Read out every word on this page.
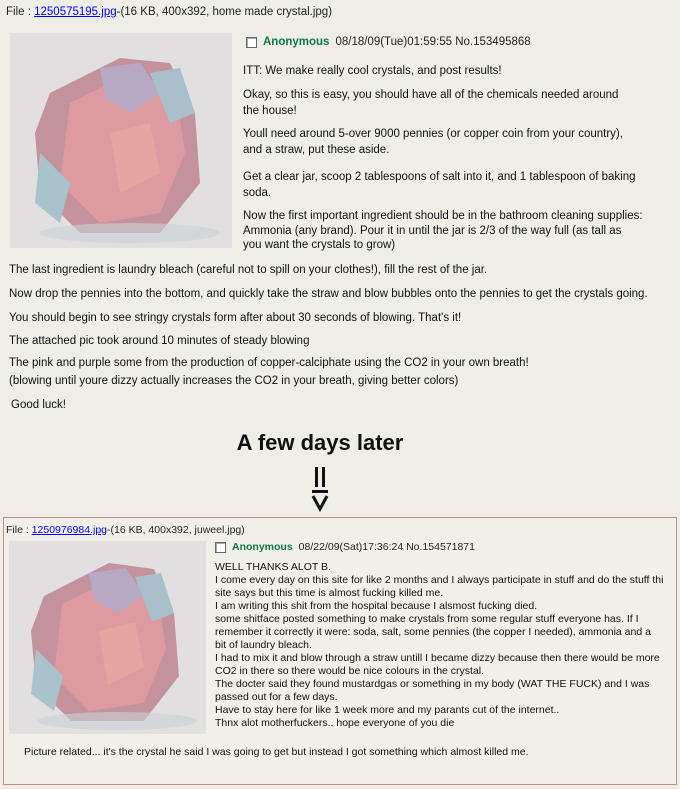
File : 1250575195.jpg-(16 KB, 400x392, home made crystal.jpg)
Anonymous 08/18/09(Tue)01:59:55 No.153495868
ITT: We make really cool crystals, and post results!
Okay, so this is easy, you should have all of the chemicals needed around
the house!
Youll need around 5-over 9000 pennies (or copper coin from your country),
and a straw, put these aside.
Get a clear jar, scoop 2 tablespoons of salt into it, and 1 tablespoon of baking
soda.
Now the first important ingredient should be in the bathroom cleaning supplies:
Ammonia (any brand). Pour it in until the jar is 2/3 of the way full (as tall as
you want the crystals to grow)
The last ingredient is laundry bleach (careful not to spill on your clothes!), fill the rest of the jar.
Now drop the pennies into the bottom, and quickly take the straw and blow bubbles onto the pennies to get the crystals going.
You should begin to see stringy crystals form after about 30 seconds of blowing. That's it!
The attached pic took around 10 minutes of steady blowing
The pink and purple some from the production of copper-calciphate using the CO2 in your own breath!
(blowing until youre dizzy actually increases the CO2 in your breath, giving better colors)
Good luck!
A few days later
File : 1250976984.jpg-(16 KB, 400x392, juweel.jpg)
Anonymous 08/22/09(Sat)17:36:24 No.154571871
WELL THANKS ALOT B.
I come every day on this site for like 2 months and I always participate in stuff and do the stuff thi
site says but this time is almost fucking killed me.
I am writing this shit from the hospital because I alsmost fucking died.
some shitface posted something to make crystals from some regular stuff everyone has. If I
remember it correctly it were: soda, salt, some pennies (the copper I needed), ammonia and a
bit of laundry bleach.
I had to mix it and blow through a straw untill I became dizzy because then there would be more
CO2 in there so there would be nice colours in the crystal.
The docter said they found mustardgas or something in my body (WAT THE FUCK) and I was
passed out for a few days.
Have to stay here for like 1 week more and my parants cut of the internet..
Thnx alot motherfuckers.. hope everyone of you die
Picture related... it's the crystal he said I was going to get but instead I got something which almost killed me.
